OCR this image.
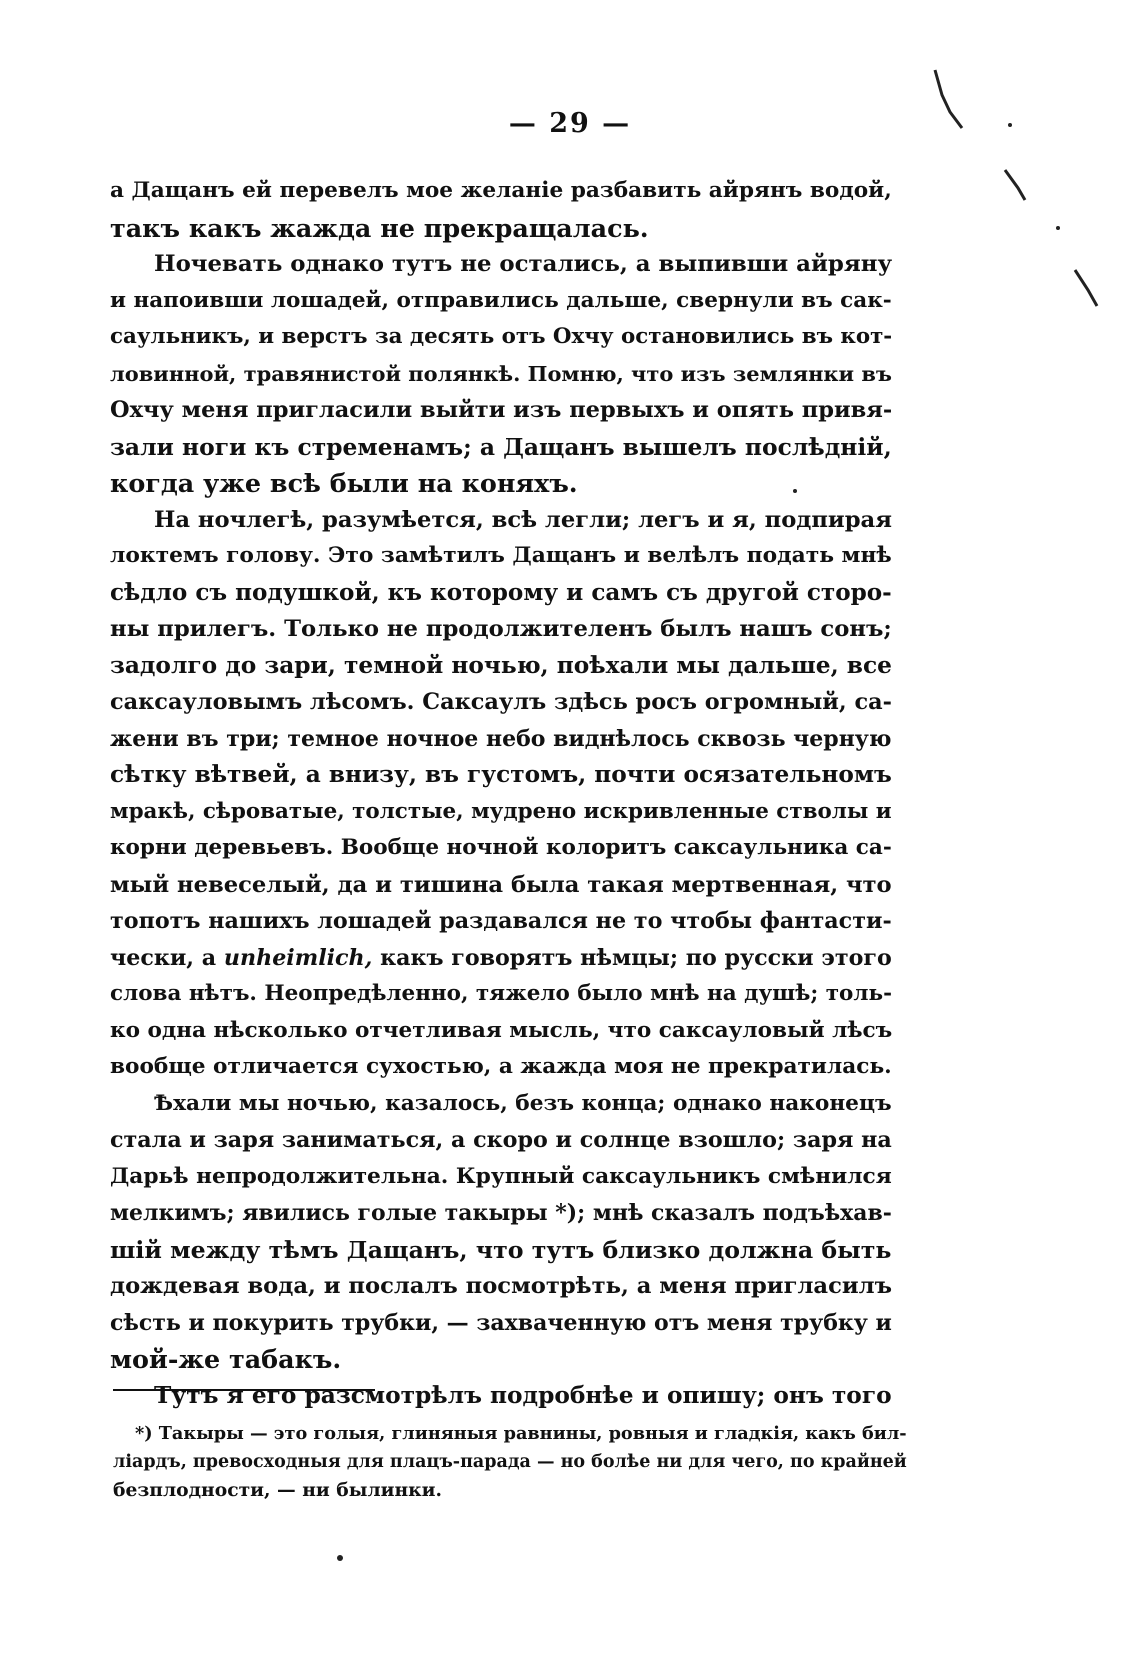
— 29 —
а Дащанъ ей перевелъ мое желаніе разбавить айрянъ водой,
такъ какъ жажда не прекращалась.
Ночевать однако тутъ не остались, а выпивши айряну
и напоивши лошадей, отправились дальше, свернули въ сак-
саульникъ, и верстъ за десять отъ Охчу остановились въ кот-
ловинной, травянистой полянкѣ. Помню, что изъ землянки въ
Охчу меня пригласили выйти изъ первыхъ и опять привя-
зали ноги къ стременамъ; а Дащанъ вышелъ послѣдній,
когда уже всѣ были на коняхъ.
На ночлегѣ, разумѣется, всѣ легли; легъ и я, подпирая
локтемъ голову. Это замѣтилъ Дащанъ и велѣлъ подать мнѣ
сѣдло съ подушкой, къ которому и самъ съ другой сторо-
ны прилегъ. Только не продолжителенъ былъ нашъ сонъ;
задолго до зари, темной ночью, поѣхали мы дальше, все
саксауловымъ лѣсомъ. Саксаулъ здѣсь росъ огромный, са-
жени въ три; темное ночное небо виднѣлось сквозь черную
сѣтку вѣтвей, а внизу, въ густомъ, почти осязательномъ
мракѣ, сѣроватые, толстые, мудрено искривленные стволы и
корни деревьевъ. Вообще ночной колоритъ саксаульника са-
мый невеселый, да и тишина была такая мертвенная, что
топотъ нашихъ лошадей раздавался не то чтобы фантасти-
чески, а unheimlich, какъ говорятъ нѣмцы; по русски этого
слова нѣтъ. Неопредѣленно, тяжело было мнѣ на душѣ; толь-
ко одна нѣсколько отчетливая мысль, что саксауловый лѣсъ
вообще отличается сухостью, а жажда моя не прекратилась.
Ѣхали мы ночью, казалось, безъ конца; однако наконецъ
стала и заря заниматься, а скоро и солнце взошло; заря на
Дарьѣ непродолжительна. Крупный саксаульникъ смѣнился
мелкимъ; явились голые такыры *); мнѣ сказалъ подъѣхав-
шій между тѣмъ Дащанъ, что тутъ близко должна быть
дождевая вода, и послалъ посмотрѣть, а меня пригласилъ
сѣсть и покурить трубки, — захваченную отъ меня трубку и
мой-же табакъ.
Тутъ я его разсмотрѣлъ подробнѣе и опишу; онъ того
*) Такыры — это голыя, глиняныя равнины, ровныя и гладкія, какъ бил-
ліардъ, превосходныя для плацъ-парада — но болѣе ни для чего, по крайней
безплодности, — ни былинки.
